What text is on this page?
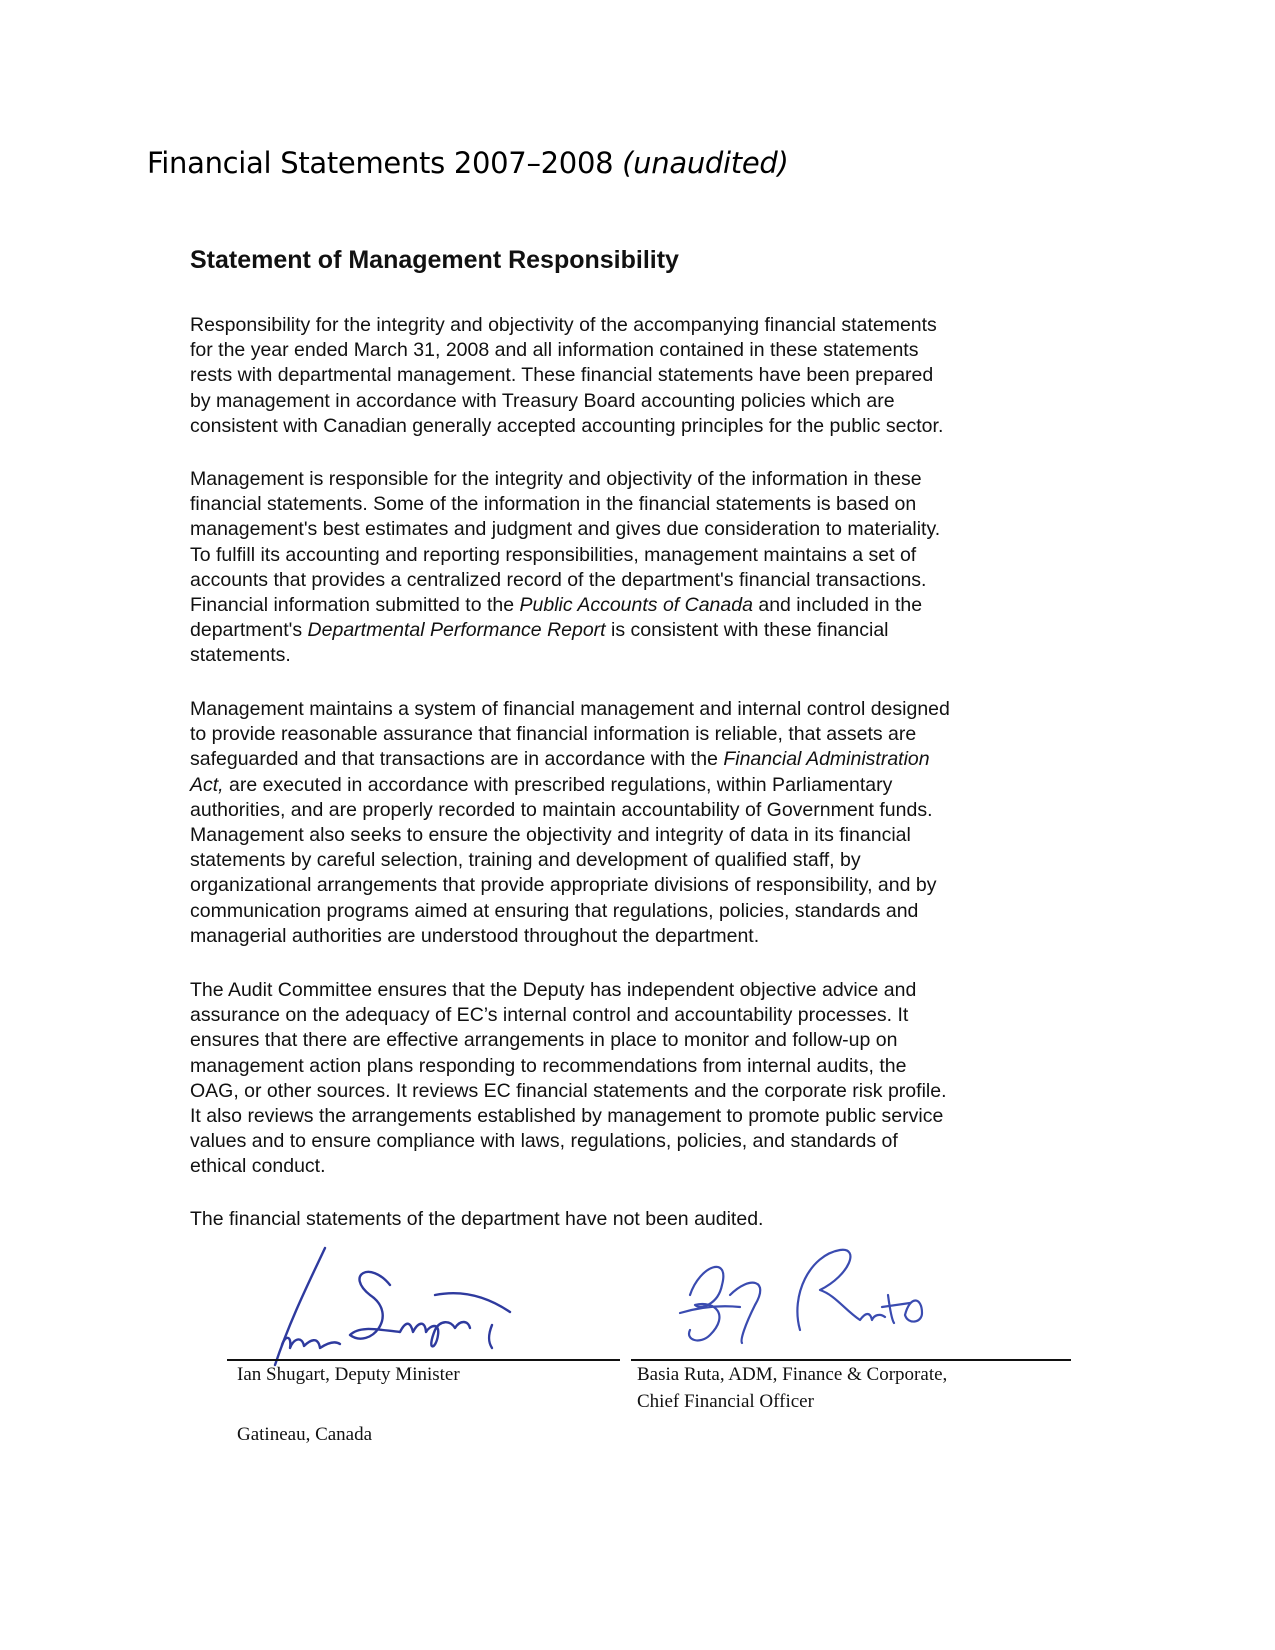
Financial Statements 2007–2008 (unaudited)
Statement of Management Responsibility
Responsibility for the integrity and objectivity of the accompanying financial statements
for the year ended March 31, 2008 and all information contained in these statements
rests with departmental management. These financial statements have been prepared
by management in accordance with Treasury Board accounting policies which are
consistent with Canadian generally accepted accounting principles for the public sector.
Management is responsible for the integrity and objectivity of the information in these
financial statements. Some of the information in the financial statements is based on
management's best estimates and judgment and gives due consideration to materiality.
To fulfill its accounting and reporting responsibilities, management maintains a set of
accounts that provides a centralized record of the department's financial transactions.
Financial information submitted to the Public Accounts of Canada and included in the
department's Departmental Performance Report is consistent with these financial
statements.
Management maintains a system of financial management and internal control designed
to provide reasonable assurance that financial information is reliable, that assets are
safeguarded and that transactions are in accordance with the Financial Administration
Act, are executed in accordance with prescribed regulations, within Parliamentary
authorities, and are properly recorded to maintain accountability of Government funds.
Management also seeks to ensure the objectivity and integrity of data in its financial
statements by careful selection, training and development of qualified staff, by
organizational arrangements that provide appropriate divisions of responsibility, and by
communication programs aimed at ensuring that regulations, policies, standards and
managerial authorities are understood throughout the department.
The Audit Committee ensures that the Deputy has independent objective advice and
assurance on the adequacy of EC’s internal control and accountability processes. It
ensures that there are effective arrangements in place to monitor and follow-up on
management action plans responding to recommendations from internal audits, the
OAG, or other sources. It reviews EC financial statements and the corporate risk profile.
It also reviews the arrangements established by management to promote public service
values and to ensure compliance with laws, regulations, policies, and standards of
ethical conduct.
The financial statements of the department have not been audited.
Ian Shugart, Deputy Minister	Basia Ruta, ADM, Finance & Corporate,
Chief Financial Officer
Gatineau, Canada
